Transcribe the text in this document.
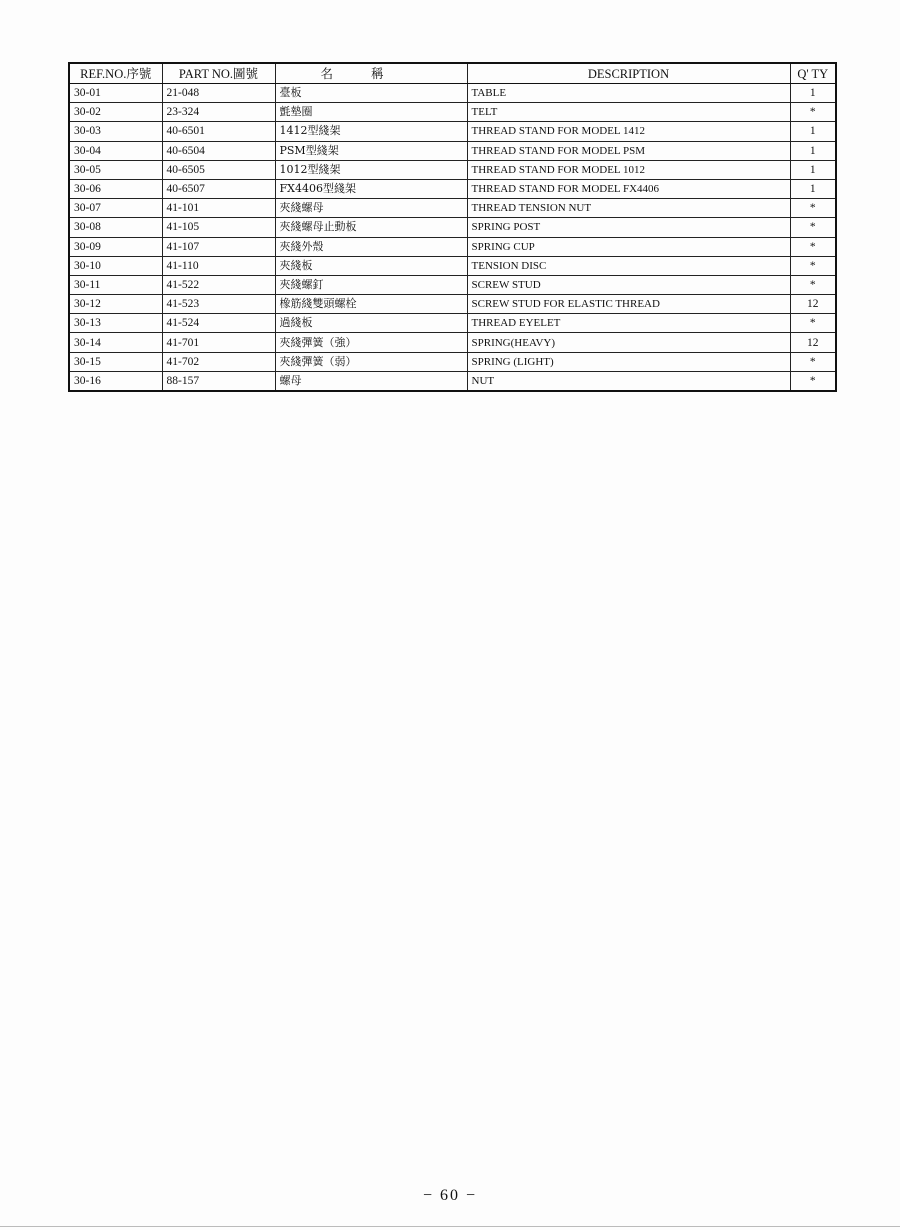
REF.NO.序號	PART NO.圖號	名稱	DESCRIPTION	Q' TY
30-01	21-048	臺板	TABLE	1
30-02	23-324	氈墊圈	TELT	*
30-03	40-6501	1412型綫架	THREAD STAND FOR MODEL 1412	1
30-04	40-6504	PSM型綫架	THREAD STAND FOR MODEL PSM	1
30-05	40-6505	1012型綫架	THREAD STAND FOR MODEL 1012	1
30-06	40-6507	FX4406型綫架	THREAD STAND FOR MODEL FX4406	1
30-07	41-101	夾綫螺母	THREAD TENSION NUT	*
30-08	41-105	夾綫螺母止動板	SPRING POST	*
30-09	41-107	夾綫外殼	SPRING CUP	*
30-10	41-110	夾綫板	TENSION DISC	*
30-11	41-522	夾綫螺釘	SCREW STUD	*
30-12	41-523	橡筋綫雙頭螺栓	SCREW STUD FOR ELASTIC THREAD	12
30-13	41-524	過綫板	THREAD EYELET	*
30-14	41-701	夾綫彈簧（強）	SPRING(HEAVY)	12
30-15	41-702	夾綫彈簧（弱）	SPRING (LIGHT)	*
30-16	88-157	螺母	NUT	*
− 60 −
